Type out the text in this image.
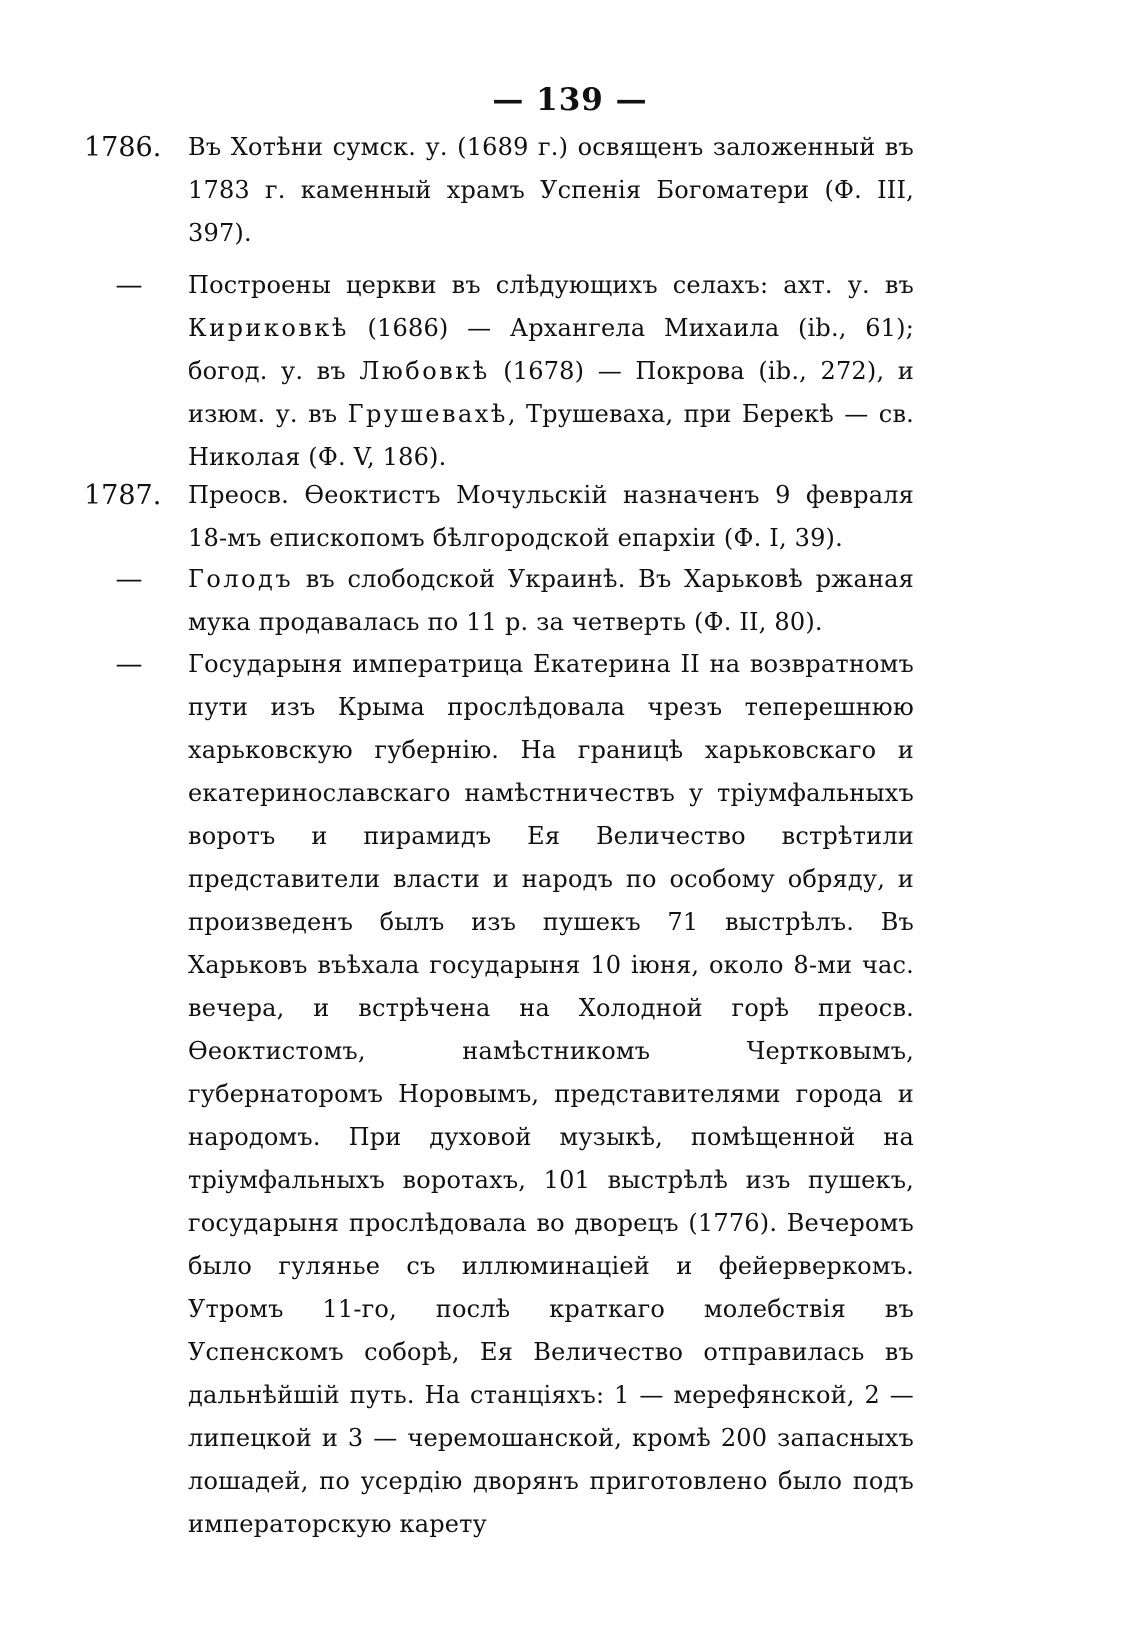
— 139 —
1786.	Въ Хотѣни сумск. у. (1689 г.) освященъ заложенный въ 1783 г. каменный храмъ Успенія Богоматери (Ф. III, 397).
—	Построены церкви въ слѣдующихъ селахъ: ахт. у. въ Кириковкѣ (1686) — Архангела Михаила (ib., 61); богод. у. въ Любовкѣ (1678) — Покрова (ib., 272), и изюм. у. въ Грушевахѣ, Трушеваха, при Берекѣ — св. Николая (Ф. V, 186).
1787.	Преосв. Ѳеоктистъ Мочульскій назначенъ 9 февраля 18-мъ епископомъ бѣлгородской епархіи (Ф. I, 39).
—	Голодъ въ слободской Украинѣ. Въ Харьковѣ ржаная мука продавалась по 11 р. за четверть (Ф. II, 80).
—	Государыня императрица Екатерина II на возвратномъ пути изъ Крыма прослѣдовала чрезъ теперешнюю харьковскую губернію. На границѣ харьковскаго и екатеринославскаго намѣстничествъ у тріумфальныхъ воротъ и пирамидъ Ея Величество встрѣтили представители власти и народъ по особому обряду, и произведенъ былъ изъ пушекъ 71 выстрѣлъ. Въ Харьковъ въѣхала государыня 10 іюня, около 8-ми час. вечера, и встрѣчена на Холодной горѣ преосв. Ѳеоктистомъ, намѣстникомъ Чертковымъ, губернаторомъ Норовымъ, представителями города и народомъ. При духовой музыкѣ, помѣщенной на тріумфальныхъ воротахъ, 101 выстрѣлѣ изъ пушекъ, государыня прослѣдовала во дворецъ (1776). Вечеромъ было гулянье съ иллюминаціей и фейерверкомъ. Утромъ 11-го, послѣ краткаго молебствія въ Успенскомъ соборѣ, Ея Величество отправилась въ дальнѣйшій путь. На станціяхъ: 1 — мерефянской, 2 — липецкой и 3 — черемошанской, кромѣ 200 запасныхъ лошадей, по усердію дворянъ приготовлено было подъ императорскую карету
